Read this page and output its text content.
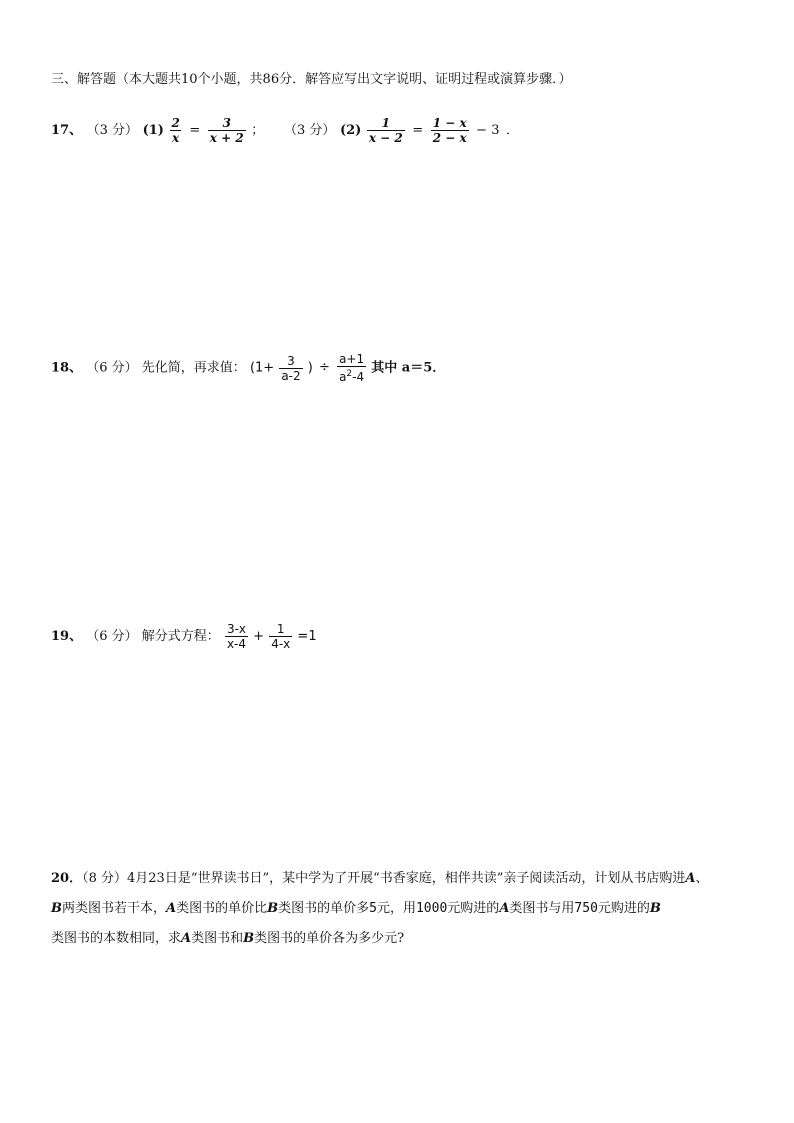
三、解答题（本大题共10个小题，共86分．解答应写出文字说明、证明过程或演算步骤．）
17、 （3 分） $(1) \frac{2}{x} = \frac{3}{x + 2}$ ； （3 分） $(2) \frac{1}{x - 2} = \frac{1 - x}{2 - x} - 3$ ．
18、 （6 分） 先化简，再求值： ($1+ \frac{3}{a-2}$ ) ÷ $\frac{a+1}{a^2-4}$ 其中 a＝5．
19、 （6 分） 解分式方程： $\frac{3-x}{x-4} + \frac{1}{4-x} =1$
20．（8 分）4月23日是“世界读书日”，某中学为了开展“书香家庭，相伴共读”亲子阅读活动，计划从书店购进A、
B两类图书若干本，A类图书的单价比B类图书的单价多5元，用1000元购进的A类图书与用750元购进的B
类图书的本数相同，求A类图书和B类图书的单价各为多少元?
